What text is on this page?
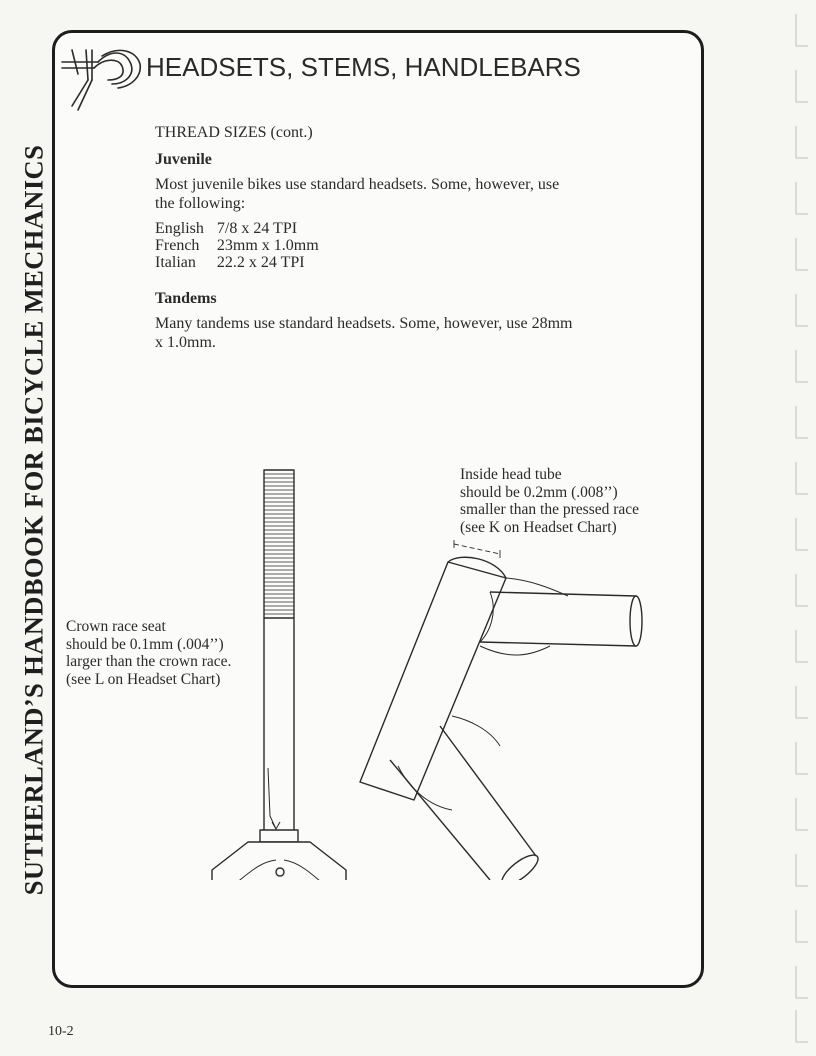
SUTHERLAND’S HANDBOOK FOR BICYCLE MECHANICS
HEADSETS, STEMS, HANDLEBARS

THREAD SIZES (cont.)

Juvenile

Most juvenile bikes use standard headsets. Some, however, use the following:

English	7/8 x 24 TPI
French	23mm x 1.0mm
Italian	22.2 x 24 TPI

Tandems

Many tandems use standard headsets. Some, however, use 28mm x 1.0mm.

Crown race seat
should be 0.1mm (.004’’)
larger than the crown race.
(see L on Headset Chart)
Inside head tube
should be 0.2mm (.008’’)
smaller than the pressed race
(see K on Headset Chart)
10-2
